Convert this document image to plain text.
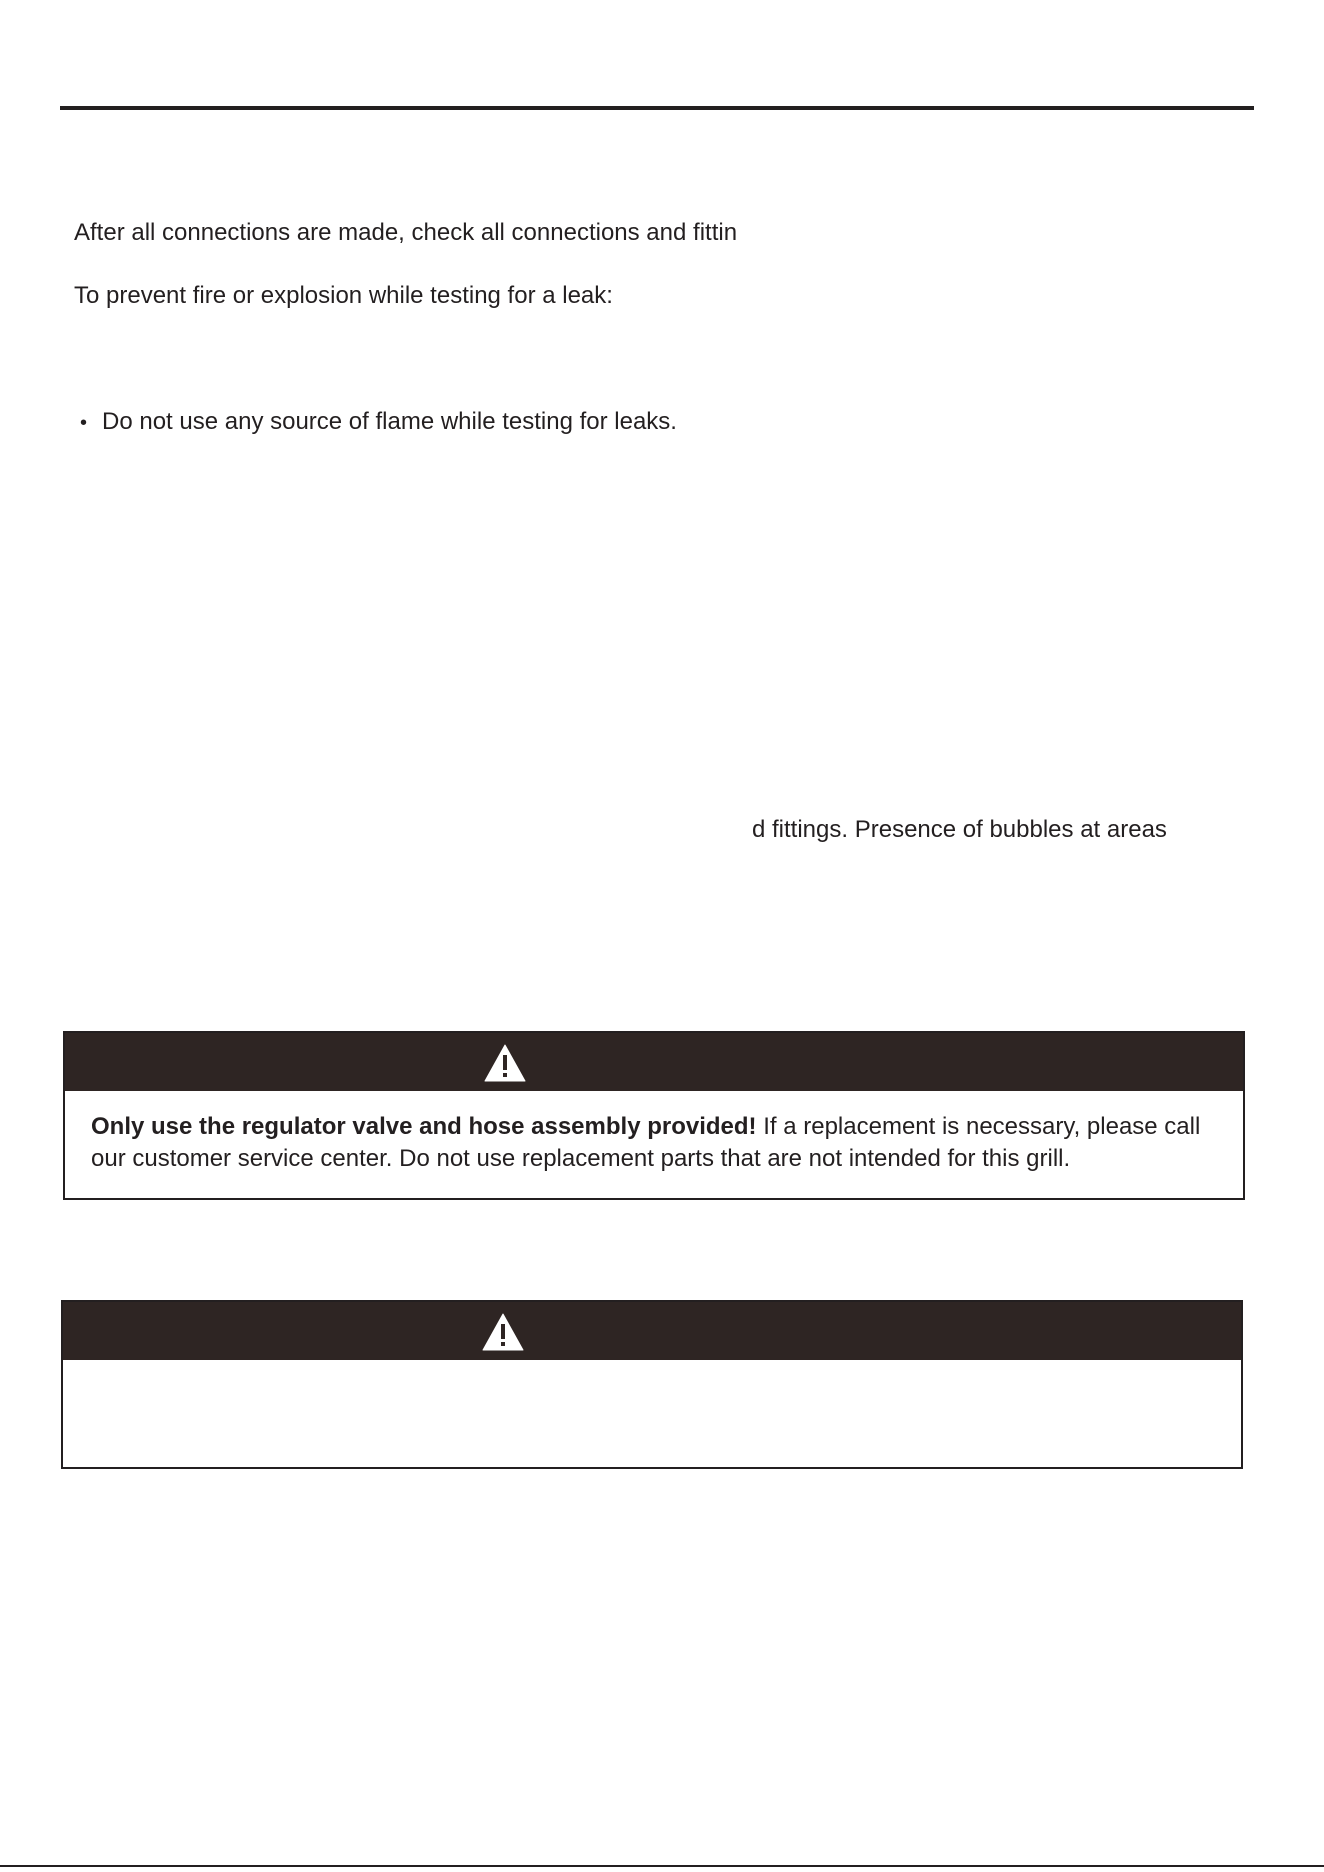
After all connections are made, check all connections and fittin
To prevent fire or explosion while testing for a leak:
• Do not use any source of flame while testing for leaks.
d fittings. Presence of bubbles at areas
Only use the regulator valve and hose assembly provided! If a replacement is necessary, please call our customer service center. Do not use replacement parts that are not intended for this grill.
